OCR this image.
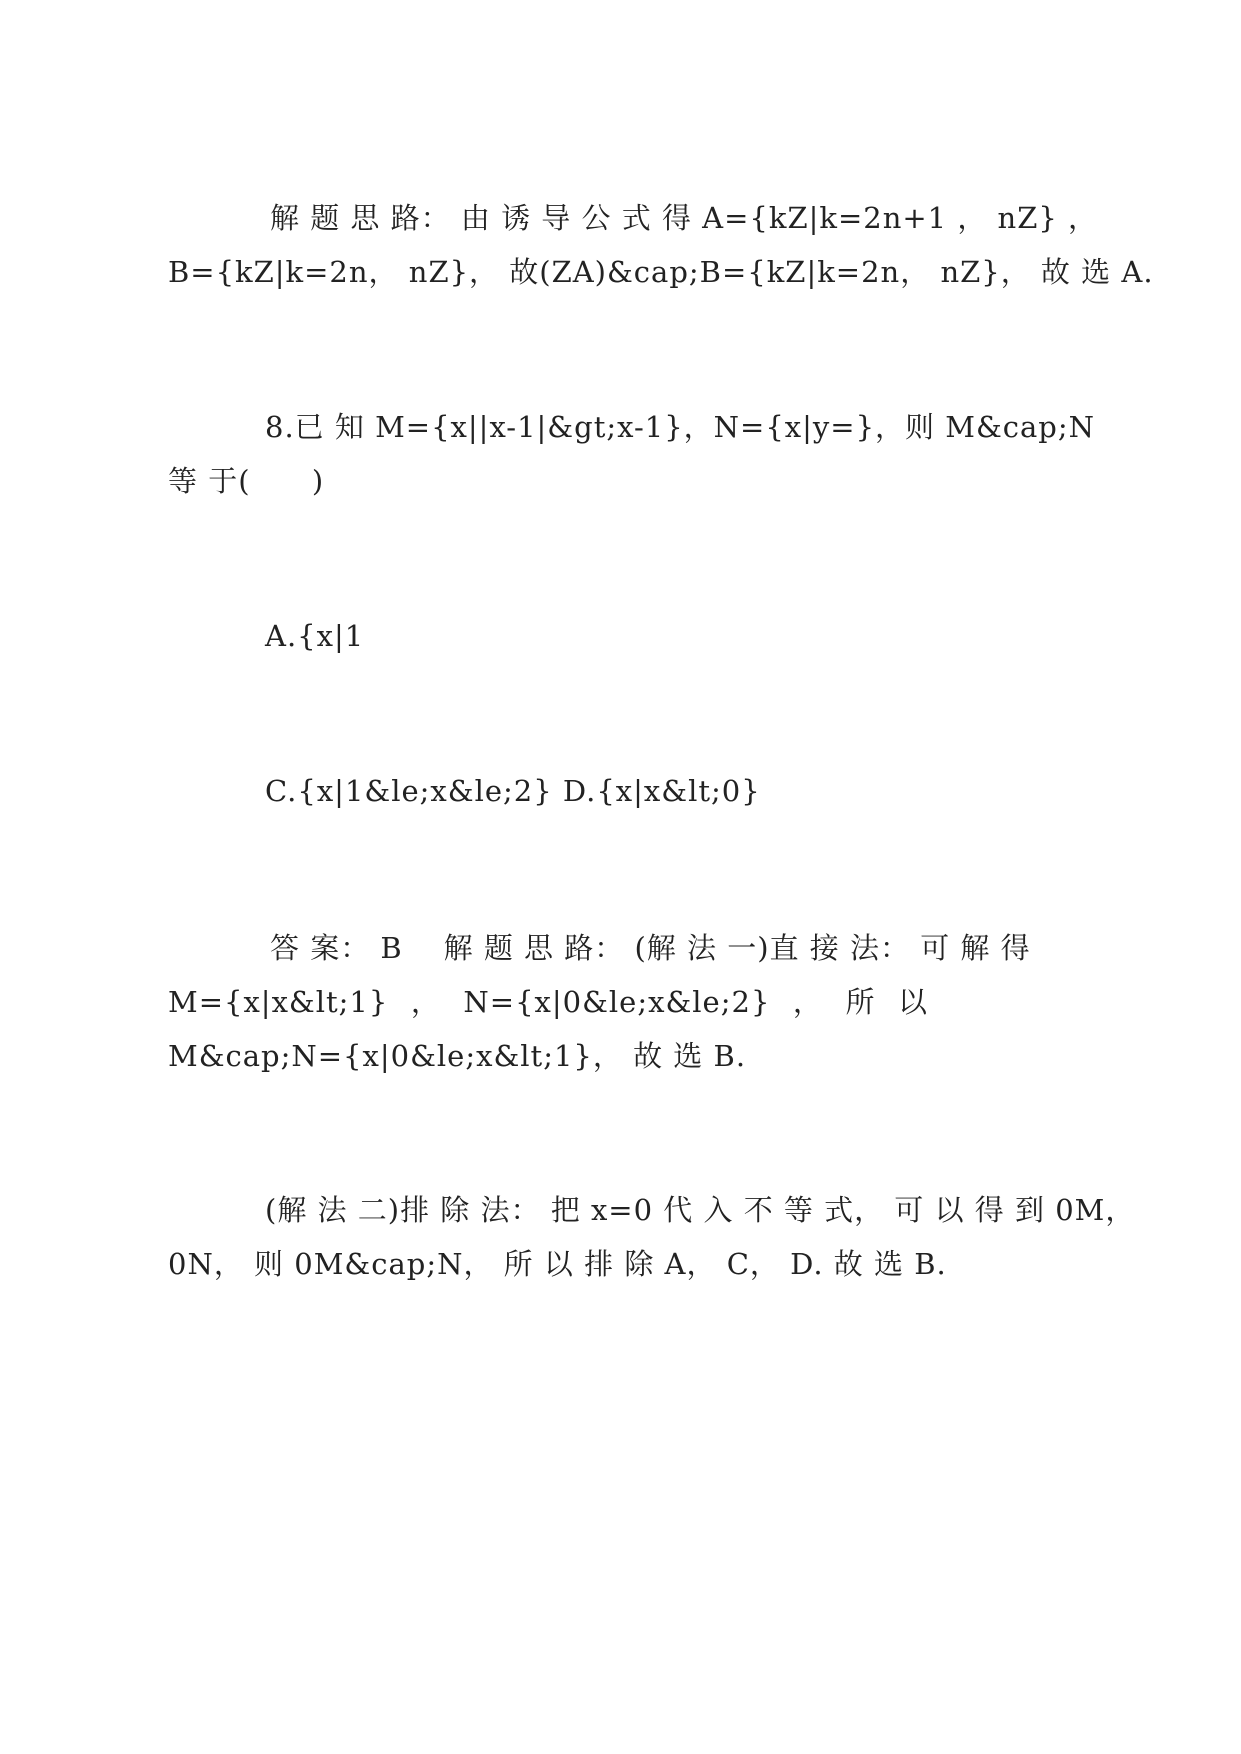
解 题 思 路： 由 诱 导 公 式 得 A={kZ|k=2n+1 ， nZ} ，
B={kZ|k=2n， nZ}， 故(ZA)&cap;B={kZ|k=2n， nZ}， 故 选 A.
8.已 知 M={x||x-1|&gt;x-1}，N={x|y=}，则 M&cap;N
等 于(      )
A.{x|1
C.{x|1&le;x&le;2} D.{x|x&lt;0}
答 案： B    解 题 思 路： (解 法 一)直 接 法： 可 解 得
M={x|x&lt;1} ， N={x|0&le;x&le;2} ， 所 以
M&cap;N={x|0&le;x&lt;1}， 故 选 B.
(解 法 二)排 除 法： 把 x=0 代 入 不 等 式， 可 以 得 到 0M，
0N， 则 0M&cap;N， 所 以 排 除 A， C， D. 故 选 B.
